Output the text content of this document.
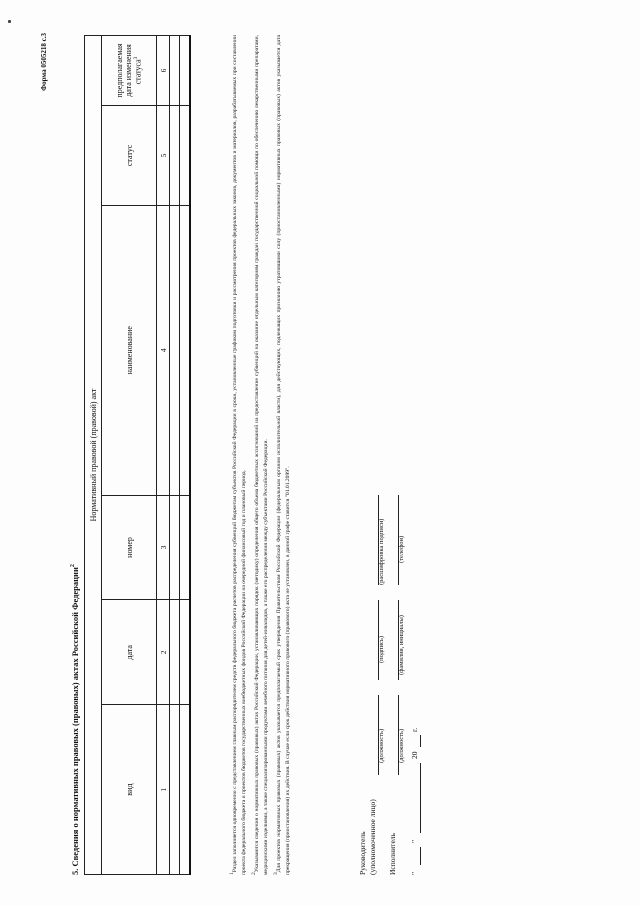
Форма 0505218 с.3
5. Сведения о нормативных правовых (правовых) актах Российской Федерации$^2$
Нормативный правовой (правовой) акт					
вид	дата	номер	наименование	статус	предполагаемая дата изменения статуса$^3$
1	2	3	4	5	6

$^1$Раздел заполняется одновременно с представлением главным распорядителем средств федерального бюджета расчетов распределения субвенций бюджетам субъектов Российской Федерации в сроки, установленные графиком подготовки и рассмотрения проектов федеральных законов, документов и материалов, разрабатываемых при составлении проекта федерального бюджета и проектов бюджетов государственных внебюджетных фондов Российской Федерации на очередной финансовый год и плановый период. $^2$Указываются сведения о нормативных правовых (правовых) актах Российской Федерации, устанавливающих порядок (методику) определения общего объема бюджетных ассигнований на предоставление субвенций на оказание отдельным категориям граждан государственной социальной помощи по обеспечению лекарственными препаратами, медицинскими изделиями, а также специализированными продуктами лечебного питания для детей-инвалидов, а также его распределения между субъектами Российской Федерации. $^3$Для проектов нормативных правовых (правовых) актов указывается предполагаемый срок утверждения Правительством Российской Федерации (федеральным органом исполнительной власти), для действующих, подлежащих признанию утратившими силу (приостановленными) нормативных правовых (правовых) актов указывается дата прекращения (приостановления) их действия. В случае если срок действия нормативного правового (правового) акта не установлен, в данной графе ставится "01.01.2099".	Руководитель (уполномоченное лицо)
(должность)
(подпись)
(расшифровка подписи)
Исполнитель
(должность)
(фамилия, инициалы)
(телефон)
"
"
20
г.
